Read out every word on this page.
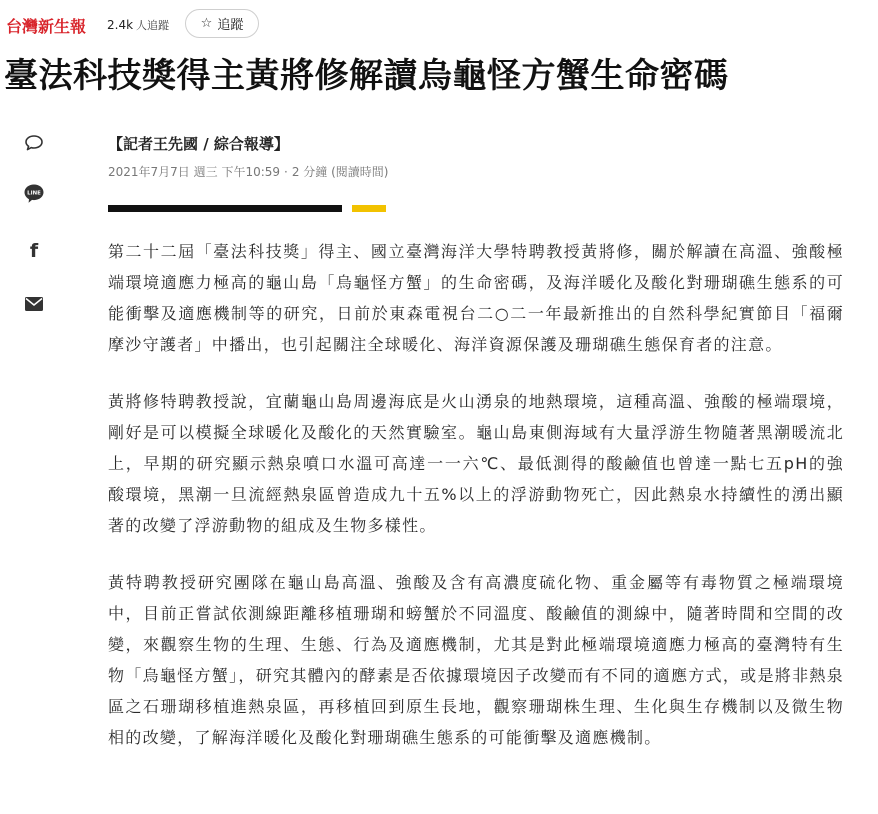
台灣新生報 2.4k 人追蹤 ☆ 追蹤
臺法科技獎得主黃將修解讀烏龜怪方蟹生命密碼
LINE
f
【記者王先國 / 綜合報導】
2021年7月7日 週三 下午10:59 · 2 分鐘 (閱讀時間)

第二十二屆「臺法科技獎」得主、國立臺灣海洋大學特聘教授黃將修，關於解讀在高溫、強酸極端環境適應力極高的龜山島「烏龜怪方蟹」的生命密碼，及海洋暖化及酸化對珊瑚礁生態系的可能衝擊及適應機制等的研究，日前於東森電視台二○二一年最新推出的自然科學紀實節目「福爾摩沙守護者」中播出，也引起關注全球暖化、海洋資源保護及珊瑚礁生態保育者的注意。

黃將修特聘教授說，宜蘭龜山島周邊海底是火山湧泉的地熱環境，這種高溫、強酸的極端環境，剛好是可以模擬全球暖化及酸化的天然實驗室。龜山島東側海域有大量浮游生物隨著黑潮暖流北上，早期的研究顯示熱泉噴口水溫可高達一一六℃、最低測得的酸鹼值也曾達一點七五pH的強酸環境，黑潮一旦流經熱泉區曾造成九十五%以上的浮游動物死亡，因此熱泉水持續性的湧出顯著的改變了浮游動物的組成及生物多樣性。

黃特聘教授研究團隊在龜山島高溫、強酸及含有高濃度硫化物、重金屬等有毒物質之極端環境中，目前正嘗試依測線距離移植珊瑚和螃蟹於不同溫度、酸鹼值的測線中，隨著時間和空間的改變，來觀察生物的生理、生態、行為及適應機制，尤其是對此極端環境適應力極高的臺灣特有生物「烏龜怪方蟹」，研究其體內的酵素是否依據環境因子改變而有不同的適應方式，或是將非熱泉區之石珊瑚移植進熱泉區，再移植回到原生長地，觀察珊瑚株生理、生化與生存機制以及微生物相的改變，了解海洋暖化及酸化對珊瑚礁生態系的可能衝擊及適應機制。
